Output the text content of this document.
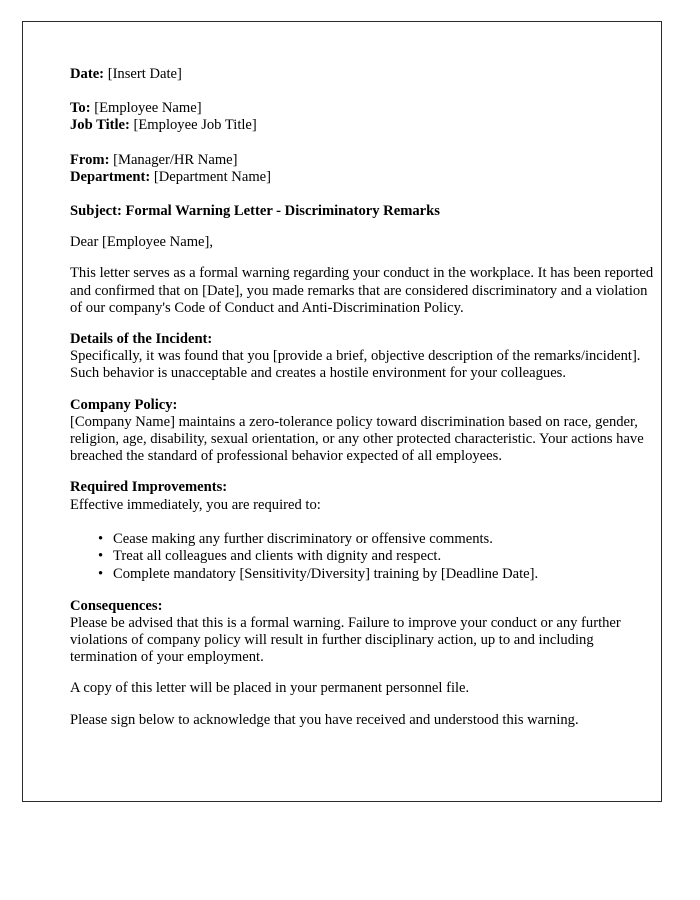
Date: [Insert Date]
To: [Employee Name]
Job Title: [Employee Job Title]
From: [Manager/HR Name]
Department: [Department Name]
Subject: Formal Warning Letter - Discriminatory Remarks
Dear [Employee Name],

This letter serves as a formal warning regarding your conduct in the workplace. It has been reported and confirmed that on [Date], you made remarks that are considered discriminatory and a violation of our company's Code of Conduct and Anti-Discrimination Policy.

Details of the Incident:

Specifically, it was found that you [provide a brief, objective description of the remarks/incident]. Such behavior is unacceptable and creates a hostile environment for your colleagues.

Company Policy:

[Company Name] maintains a zero-tolerance policy toward discrimination based on race, gender, religion, age, disability, sexual orientation, or any other protected characteristic. Your actions have breached the standard of professional behavior expected of all employees.

Required Improvements:

Effective immediately, you are required to:

• Cease making any further discriminatory or offensive comments.
• Treat all colleagues and clients with dignity and respect.
• Complete mandatory [Sensitivity/Diversity] training by [Deadline Date].
Consequences:

Please be advised that this is a formal warning. Failure to improve your conduct or any further violations of company policy will result in further disciplinary action, up to and including termination of your employment.

A copy of this letter will be placed in your permanent personnel file.

Please sign below to acknowledge that you have received and understood this warning.
